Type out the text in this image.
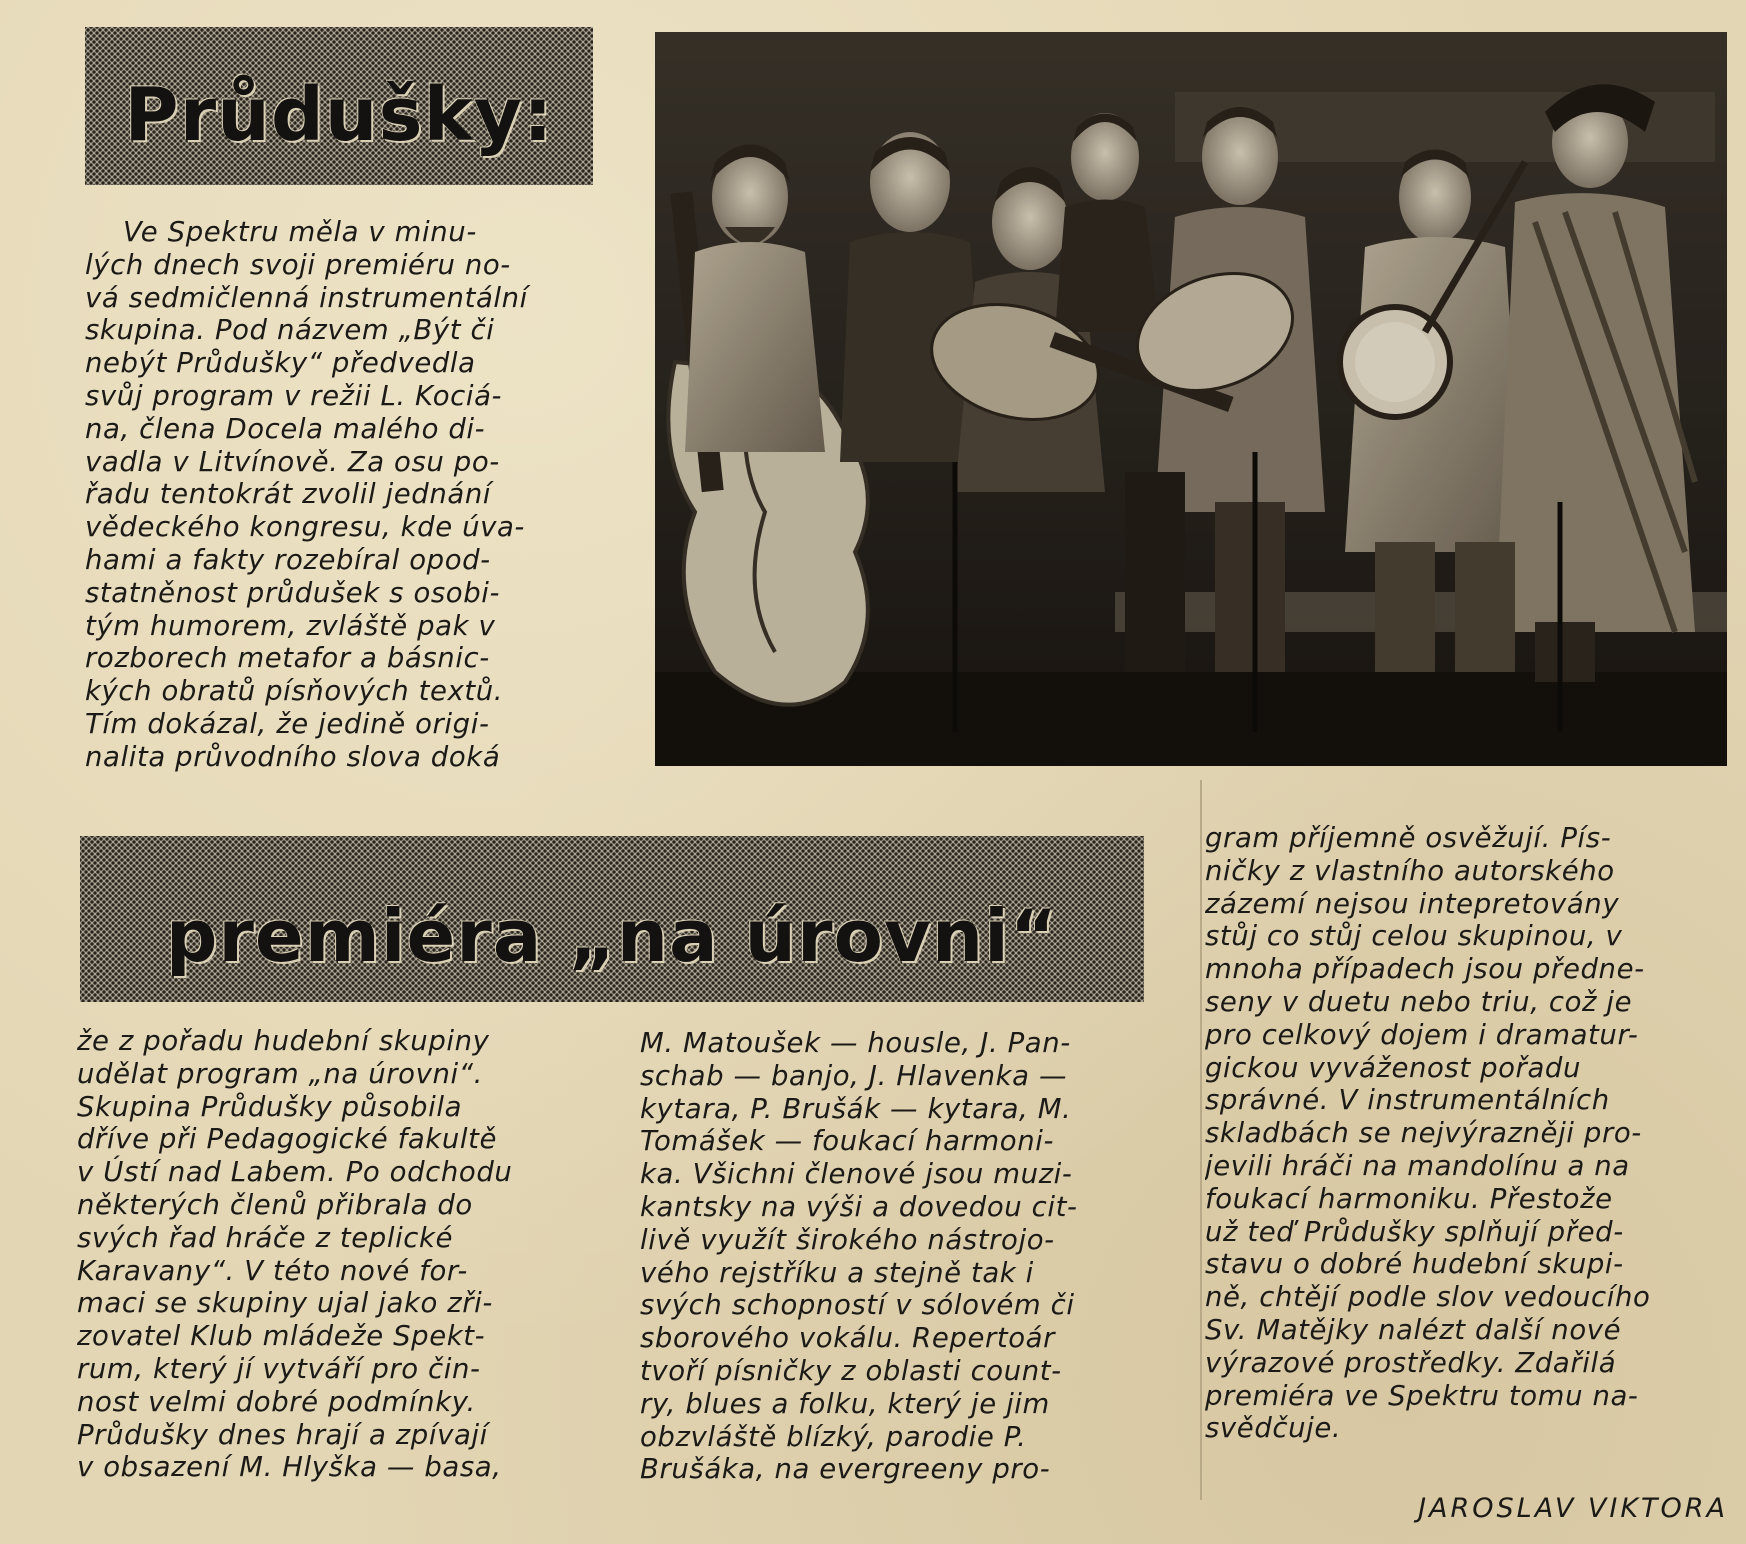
Průdušky:
Ve Spektru měla v minu-
lých dnech svoji premiéru no-
vá sedmičlenná instrumentální
skupina. Pod názvem „Být či
nebýt Průdušky“ předvedla
svůj program v režii L. Kociá-
na, člena Docela malého di-
vadla v Litvínově. Za osu po-
řadu tentokrát zvolil jednání
vědeckého kongresu, kde úva-
hami a fakty rozebíral opod-
statněnost průdušek s osobi-
tým humorem, zvláště pak v
rozborech metafor a básnic-
kých obratů písňových textů.
Tím dokázal, že jedině origi-
nalita průvodního slova doká
premiéra „na úrovni“
že z pořadu hudební skupiny
udělat program „na úrovni“.
Skupina Průdušky působila
dříve při Pedagogické fakultě
v Ústí nad Labem. Po odchodu
některých členů přibrala do
svých řad hráče z teplické
Karavany“. V této nové for-
maci se skupiny ujal jako zři-
zovatel Klub mládeže Spekt-
rum, který jí vytváří pro čin-
nost velmi dobré podmínky.
Průdušky dnes hrají a zpívají
v obsazení M. Hlyška — basa,
M. Matoušek — housle, J. Pan-
schab — banjo, J. Hlavenka —
kytara, P. Brušák — kytara, M.
Tomášek — foukací harmoni-
ka. Všichni členové jsou muzi-
kantsky na výši a dovedou cit-
livě využít širokého nástrojo-
vého rejstříku a stejně tak i
svých schopností v sólovém či
sborového vokálu. Repertoár
tvoří písničky z oblasti count-
ry, blues a folku, který je jim
obzvláště blízký, parodie P.
Brušáka, na evergreeny pro-
gram příjemně osvěžují. Pís-
ničky z vlastního autorského
zázemí nejsou intepretovány
stůj co stůj celou skupinou, v
mnoha případech jsou předne-
seny v duetu nebo triu, což je
pro celkový dojem i dramatur-
gickou vyváženost pořadu
správné. V instrumentálních
skladbách se nejvýrazněji pro-
jevili hráči na mandolínu a na
foukací harmoniku. Přestože
už teď Průdušky splňují před-
stavu o dobré hudební skupi-
ně, chtějí podle slov vedoucího
Sv. Matějky nalézt další nové
výrazové prostředky. Zdařilá
premiéra ve Spektru tomu na-
svědčuje.
JAROSLAV VIKTORA
